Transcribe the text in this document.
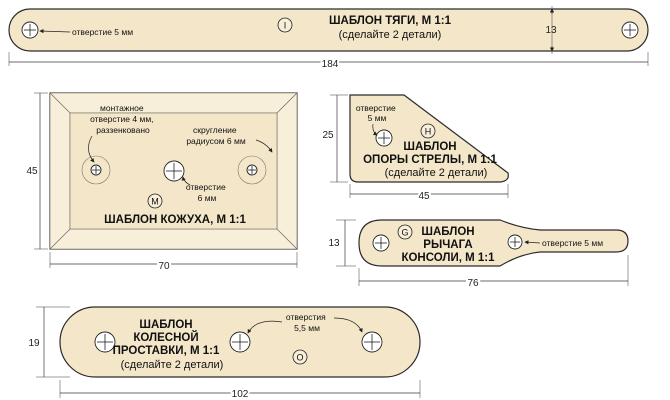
отверстие 5 мм
I	ШАБЛОН ТЯГИ, М 1:1
(сделайте 2 детали)	13
184
монтажное отверстие 4 мм, раззенковано	скругление радиусом 6 мм
отверстие 6 мм
M
ШАБЛОН КОЖУХА, М 1:1
45
70
отверстие 5 мм
H
ШАБЛОН
ОПОРЫ СТРЕЛЫ, М 1:1
(сделайте 2 детали)
25
45
отверстие 5 мм
G ШАБЛОН
РЫЧАГА
КОНСОЛИ, М 1:1
13
76
отверстия 5,5 мм
ШАБЛОН
КОЛЕСНОЙ
ПРОСТАВКИ, М 1:1
(сделайте 2 детали)
O
19
102
